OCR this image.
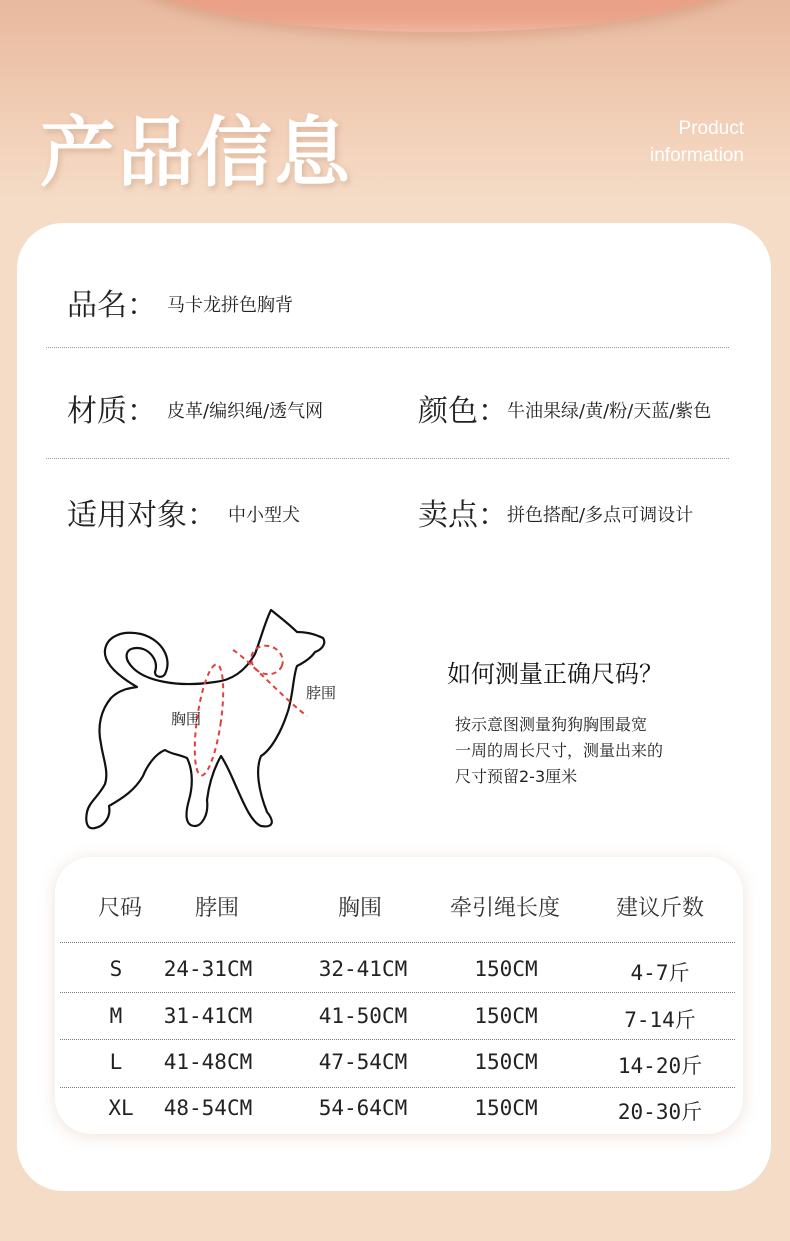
产品信息	Product
information
品名： 马卡龙拼色胸背
材质： 皮革/编织绳/透气网	颜色： 牛油果绿/黄/粉/天蓝/紫色
适用对象： 中小型犬	卖点： 拼色搭配/多点可调设计
脖围
胸围
如何测量正确尺码？
按示意图测量狗狗胸围最宽
一周的周长尺寸，测量出来的
尺寸预留2-3厘米
尺码	脖围	胸围	牵引绳长度	建议斤数
S	24-31CM	32-41CM	150CM	4-7斤
M	31-41CM	41-50CM	150CM	7-14斤
L	41-48CM	47-54CM	150CM	14-20斤
XL	48-54CM	54-64CM	150CM	20-30斤
